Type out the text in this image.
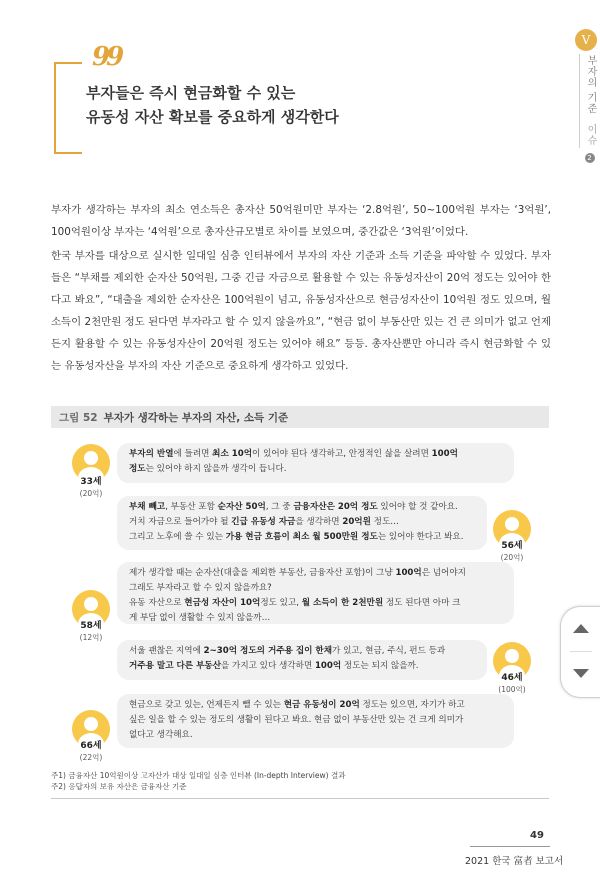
V
부자의 기준 이슈 2
99
부자들은 즉시 현금화할 수 있는
유동성 자산 확보를 중요하게 생각한다

부자가 생각하는 부자의 최소 연소득은 총자산 50억원미만 부자는 ‘2.8억원’, 50~100억원 부자는 ‘3억원’, 100억원이상 부자는 ‘4억원’으로 총자산규모별로 차이를 보였으며, 중간값은 ‘3억원’이었다.

한국 부자를 대상으로 실시한 일대일 심층 인터뷰에서 부자의 자산 기준과 소득 기준을 파악할 수 있었다. 부자들은 “부채를 제외한 순자산 50억원, 그중 긴급 자금으로 활용할 수 있는 유동성자산이 20억 정도는 있어야 한다고 봐요”, “대출을 제외한 순자산은 100억원이 넘고, 유동성자산으로 현금성자산이 10억원 정도 있으며, 월소득이 2천만원 정도 된다면 부자라고 할 수 있지 않을까요”, “현금 없이 부동산만 있는 건 큰 의미가 없고 언제든지 활용할 수 있는 유동성자산이 20억원 정도는 있어야 해요” 등등. 총자산뿐만 아니라 즉시 현금화할 수 있는 유동성자산을 부자의 자산 기준으로 중요하게 생각하고 있었다.

그림 52 부자가 생각하는 부자의 자산, 소득 기준
33세
(20억)
부자의 반열에 들려면 최소 10억이 있어야 된다 생각하고, 안정적인 삶을 살려면 100억
정도는 있어야 하지 않을까 생각이 듭니다.
부채 빼고, 부동산 포함 순자산 50억, 그 중 금융자산은 20억 정도 있어야 할 것 같아요.
거치 자금으로 들어가야 될 긴급 유동성 자금을 생각하면 20억원 정도…
그리고 노후에 쓸 수 있는 가용 현금 흐름이 최소 월 500만원 정도는 있어야 한다고 봐요.
56세
(20억)
58세
(12억)
제가 생각할 때는 순자산(대출을 제외한 부동산, 금융자산 포함)이 그냥 100억은 넘어야지
그래도 부자라고 할 수 있지 않을까요?
유동 자산으로 현금성 자산이 10억정도 있고, 월 소득이 한 2천만원 정도 된다면 아마 크
게 부담 없이 생활할 수 있지 않을까…
서울 괜찮은 지역에 2~30억 정도의 거주용 집이 한채가 있고, 현금, 주식, 펀드 등과
거주용 말고 다른 부동산을 가지고 있다 생각하면 100억 정도는 되지 않을까.
46세
(100억)
66세
(22억)
현금으로 갖고 있는, 언제든지 뺄 수 있는 현금 유동성이 20억 정도는 있으면, 자기가 하고
싶은 일을 할 수 있는 정도의 생활이 된다고 봐요. 현금 없이 부동산만 있는 건 크게 의미가
없다고 생각해요.
주1) 금융자산 10억원이상 고자산가 대상 일대일 심층 인터뷰 (In-depth Interview) 결과
주2) 응답자의 보유 자산은 금융자산 기준
49
2021 한국 富者 보고서
